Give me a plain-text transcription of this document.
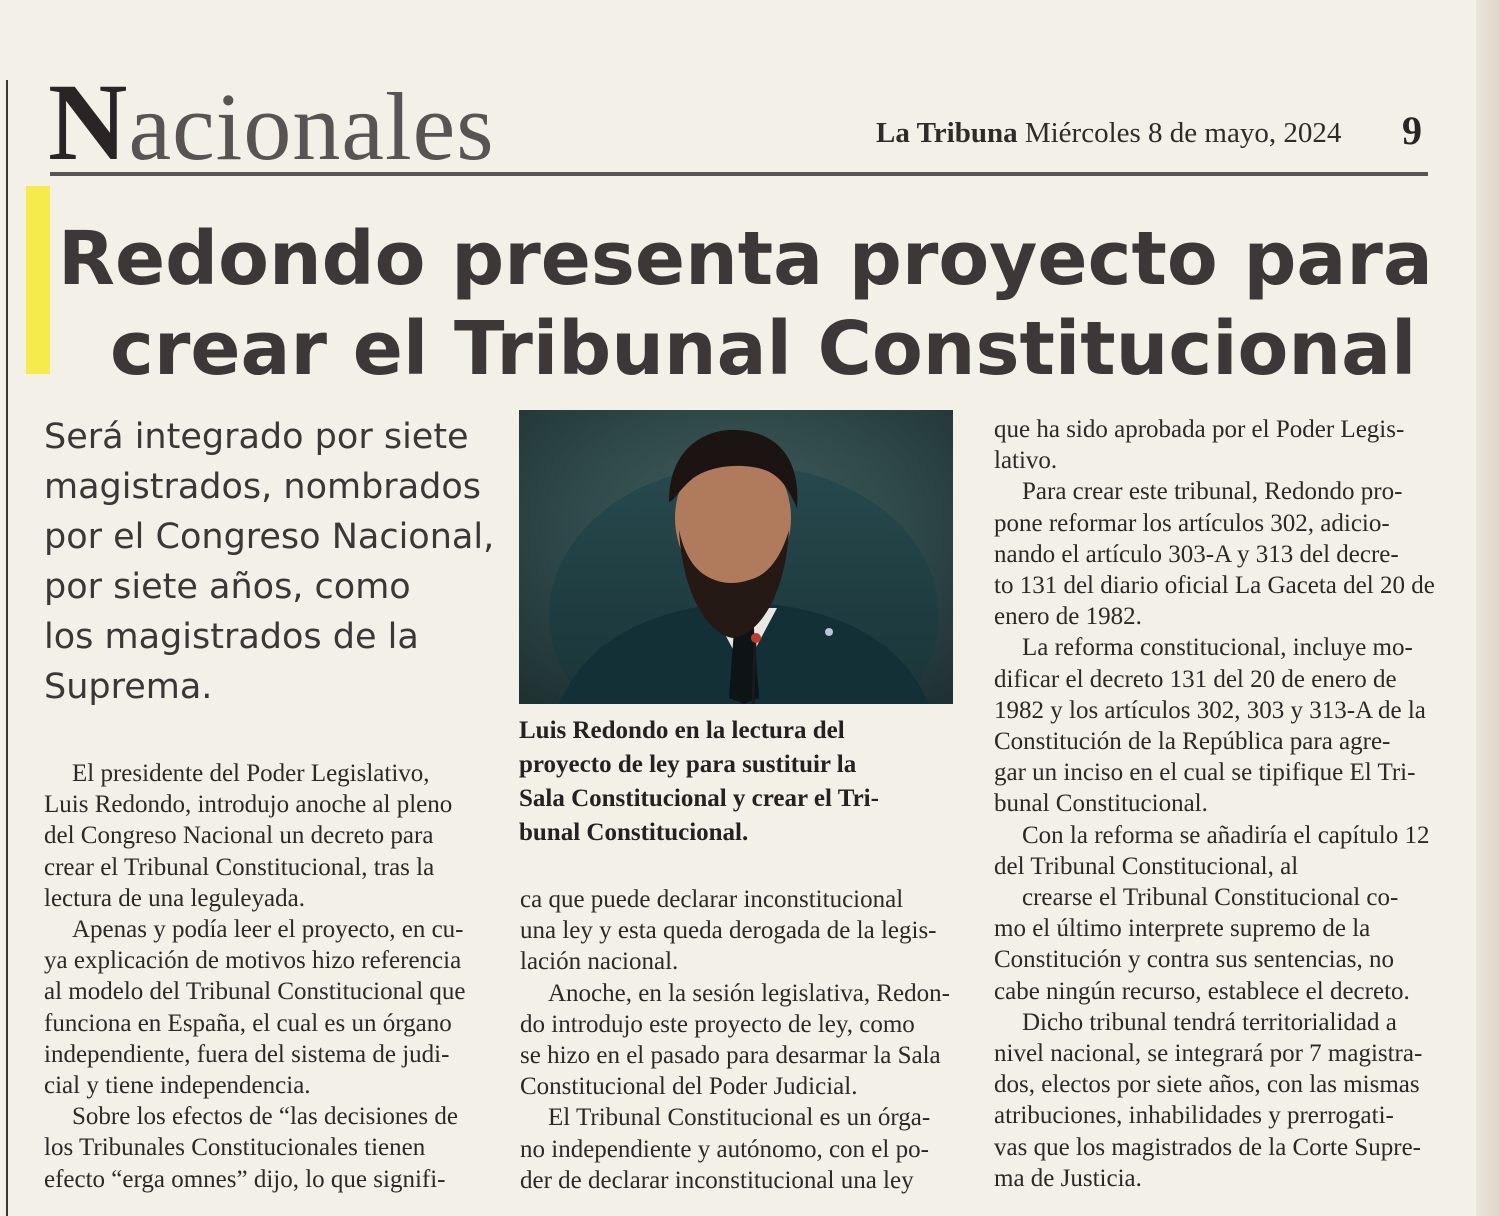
Nacionales	La Tribuna Miércoles 8 de mayo, 2024 9
Redondo presenta proyecto para
crear el Tribunal Constitucional
Será integrado por siete
magistrados, nombrados
por el Congreso Nacional,
por siete años, como
los magistrados de la
Suprema.
Luis Redondo en la lectura del
proyecto de ley para sustituir la
Sala Constitucional y crear el Tri-
bunal Constitucional.
El presidente del Poder Legislativo,
Luis Redondo, introdujo anoche al pleno
del Congreso Nacional un decreto para
crear el Tribunal Constitucional, tras la
lectura de una leguleyada.
Apenas y podía leer el proyecto, en cu-
ya explicación de motivos hizo referencia
al modelo del Tribunal Constitucional que
funciona en España, el cual es un órgano
independiente, fuera del sistema de judi-
cial y tiene independencia.
Sobre los efectos de “las decisiones de
los Tribunales Constitucionales tienen
efecto “erga omnes” dijo, lo que signifi-
ca que puede declarar inconstitucional
una ley y esta queda derogada de la legis-
lación nacional.
Anoche, en la sesión legislativa, Redon-
do introdujo este proyecto de ley, como
se hizo en el pasado para desarmar la Sala
Constitucional del Poder Judicial.
El Tribunal Constitucional es un órga-
no independiente y autónomo, con el po-
der de declarar inconstitucional una ley
que ha sido aprobada por el Poder Legis-
lativo.
Para crear este tribunal, Redondo pro-
pone reformar los artículos 302, adicio-
nando el artículo 303-A y 313 del decre-
to 131 del diario oficial La Gaceta del 20 de
enero de 1982.
La reforma constitucional, incluye mo-
dificar el decreto 131 del 20 de enero de
1982 y los artículos 302, 303 y 313-A de la
Constitución de la República para agre-
gar un inciso en el cual se tipifique El Tri-
bunal Constitucional.
Con la reforma se añadiría el capítulo 12
del Tribunal Constitucional, al
crearse el Tribunal Constitucional co-
mo el último interprete supremo de la
Constitución y contra sus sentencias, no
cabe ningún recurso, establece el decreto.
Dicho tribunal tendrá territorialidad a
nivel nacional, se integrará por 7 magistra-
dos, electos por siete años, con las mismas
atribuciones, inhabilidades y prerrogati-
vas que los magistrados de la Corte Supre-
ma de Justicia.
